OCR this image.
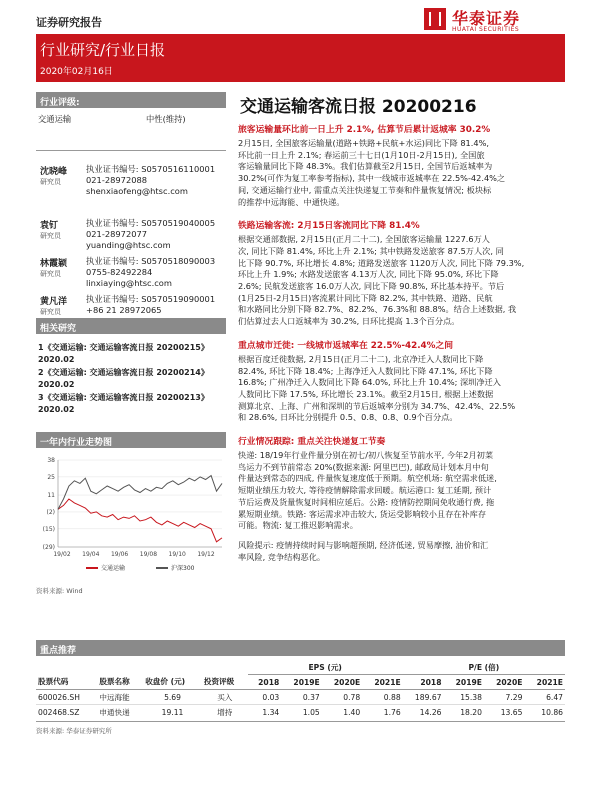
证券研究报告	华泰证券
HUATAI SECURITIES
行业研究/行业日报
2020年02月16日
行业评级:
交通运输	中性(维持)
沈晓峰
研究员
执业证书编号: S0570516110001
021-28972088
shenxiaofeng@htsc.com
袁钉
研究员
执业证书编号: S0570519040005
021-28972077
yuanding@htsc.com
林霞颖
研究员
执业证书编号: S0570518090003
0755-82492284
linxiaying@htsc.com
黄凡洋
研究员
执业证书编号: S0570519090001
+86 21 28972065
相关研究
1《交通运输: 交通运输客流日报 20200215》
2020.02
2《交通运输: 交通运输客流日报 20200214》
2020.02
3《交通运输: 交通运输客流日报 20200213》
2020.02
一年内行业走势图
38
25
11
(2)
(15)
(29)
19/02 19/04 19/06 19/08 19/10 19/12
交通运输	沪深300
资料来源: Wind
交通运输客流日报 20200216
旅客运输量环比前一日上升 2.1%, 估算节后累计返城率 30.2%
2月15日, 全国旅客运输量(道路+铁路+民航+水运)同比下降 81.4%,
环比前一日上升 2.1%; 春运前三十七日(1月10日-2月15日), 全国旅
客运输量同比下降 48.3%。我们估算截至2月15日, 全国节后返城率为
30.2%(可作为复工率参考指标), 其中一线城市返城率在 22.5%-42.4%之
间, 交通运输行业中, 需重点关注快递复工节奏和件量恢复情况; 板块标
的推荐中远海能、中通快递。
铁路运输客流: 2月15日客流同比下降 81.4%
根据交通部数据, 2月15日(正月二十二), 全国旅客运输量 1227.6万人
次, 同比下降 81.4%, 环比上升 2.1%; 其中铁路发送旅客 87.5万人次, 同
比下降 90.7%, 环比增长 4.8%; 道路发送旅客 1120万人次, 同比下降 79.3%,
环比上升 1.9%; 水路发送旅客 4.13万人次, 同比下降 95.0%, 环比下降
2.6%; 民航发送旅客 16.0万人次, 同比下降 90.8%, 环比基本持平。节后
(1月25日-2月15日)客流累计同比下降 82.2%, 其中铁路、道路、民航
和水路同比分别下降 82.7%、82.2%、76.3%和 88.8%。结合上述数据, 我
们估算过去人口返城率为 30.2%, 日环比提高 1.3个百分点。
重点城市迁徙: 一线城市返城率在 22.5%-42.4%之间
根据百度迁徙数据, 2月15日(正月二十二), 北京净迁入人数同比下降
82.4%, 环比下降 18.4%; 上海净迁入人数同比下降 47.1%, 环比下降
16.8%; 广州净迁入人数同比下降 64.0%, 环比上升 10.4%; 深圳净迁入
人数同比下降 17.5%, 环比增长 23.1%。截至2月15日, 根据上述数据
测算北京、上海、广州和深圳的节后返城率分别为 34.7%、42.4%、22.5%
和 28.6%, 日环比分别提升 0.5、0.8、0.8、0.9个百分点。
行业情况跟踪: 重点关注快递复工节奏
快递: 18/19年行业件量分别在初七/初八恢复至节前水平, 今年2月初菜
鸟运力不到节前常态 20%(数据来源: 阿里巴巴), 邮政局计划本月中旬
件量达到常态的四成, 件量恢复速度低于预期。航空机场: 航空需求低迷,
短期业绩压力较大, 等待疫情解除需求回暖。航运港口: 复工延期, 预计
节后运费及货量恢复时间相应延后。公路: 疫情防控期间免收通行费, 拖
累短期业绩。铁路: 客运需求冲击较大, 货运受影响较小且存在补库存
可能。物流: 复工推迟影响需求。
风险提示: 疫情持续时间与影响超预期, 经济低迷, 贸易摩擦, 油价和汇
率风险, 竞争结构恶化。
重点推荐
				EPS (元)				P/E (倍)			
股票代码	股票名称	收盘价 (元)	投资评级	2018	2019E	2020E	2021E	2018	2019E	2020E	2021E
600026.SH	中远海能	5.69	买入	0.03	0.37	0.78	0.88	189.67	15.38	7.29	6.47
002468.SZ	申通快递	19.11	增持	1.34	1.05	1.40	1.76	14.26	18.20	13.65	10.86
资料来源: 华泰证券研究所
